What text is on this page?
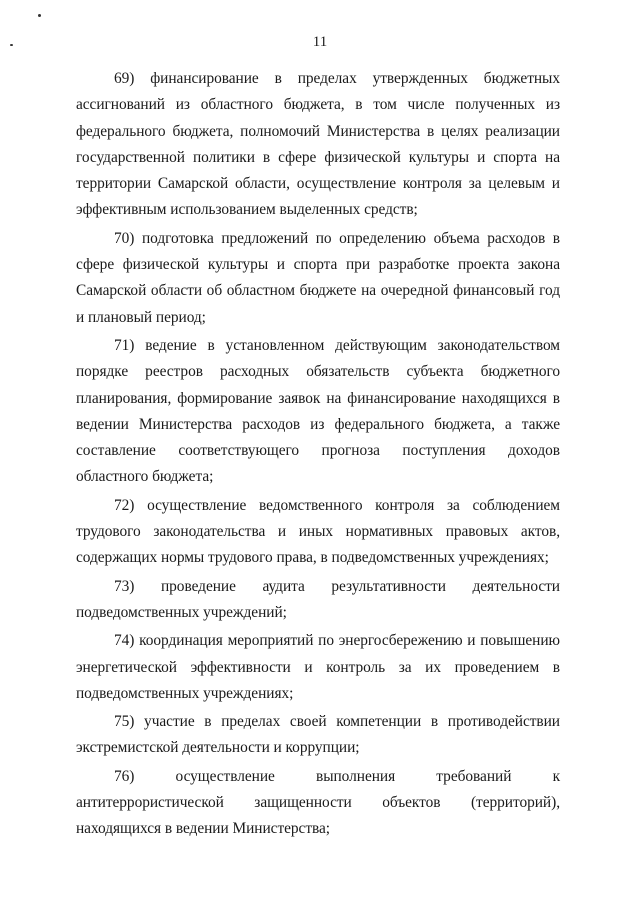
11

69) финансирование в пределах утвержденных бюджетных ассигнований из областного бюджета, в том числе полученных из федерального бюджета, полномочий Министерства в целях реализации государственной политики в сфере физической культуры и спорта на территории Самарской области, осуществление контроля за целевым и эффективным использованием выделенных средств;

70) подготовка предложений по определению объема расходов в сфере физической культуры и спорта при разработке проекта закона Самарской области об областном бюджете на очередной финансовый год и плановый период;

71) ведение в установленном действующим законодательством порядке реестров расходных обязательств субъекта бюджетного планирования, формирование заявок на финансирование находящихся в ведении Министерства расходов из федерального бюджета, а также составление соответствующего прогноза поступления доходов областного бюджета;

72) осуществление ведомственного контроля за соблюдением трудового законодательства и иных нормативных правовых актов, содержащих нормы трудового права, в подведомственных учреждениях;

73) проведение аудита результативности деятельности подведомственных учреждений;

74) координация мероприятий по энергосбережению и повышению энергетической эффективности и контроль за их проведением в подведомственных учреждениях;

75) участие в пределах своей компетенции в противодействии экстремистской деятельности и коррупции;

76) осуществление выполнения требований к антитеррористической защищенности объектов (территорий), находящихся в ведении Министерства;
